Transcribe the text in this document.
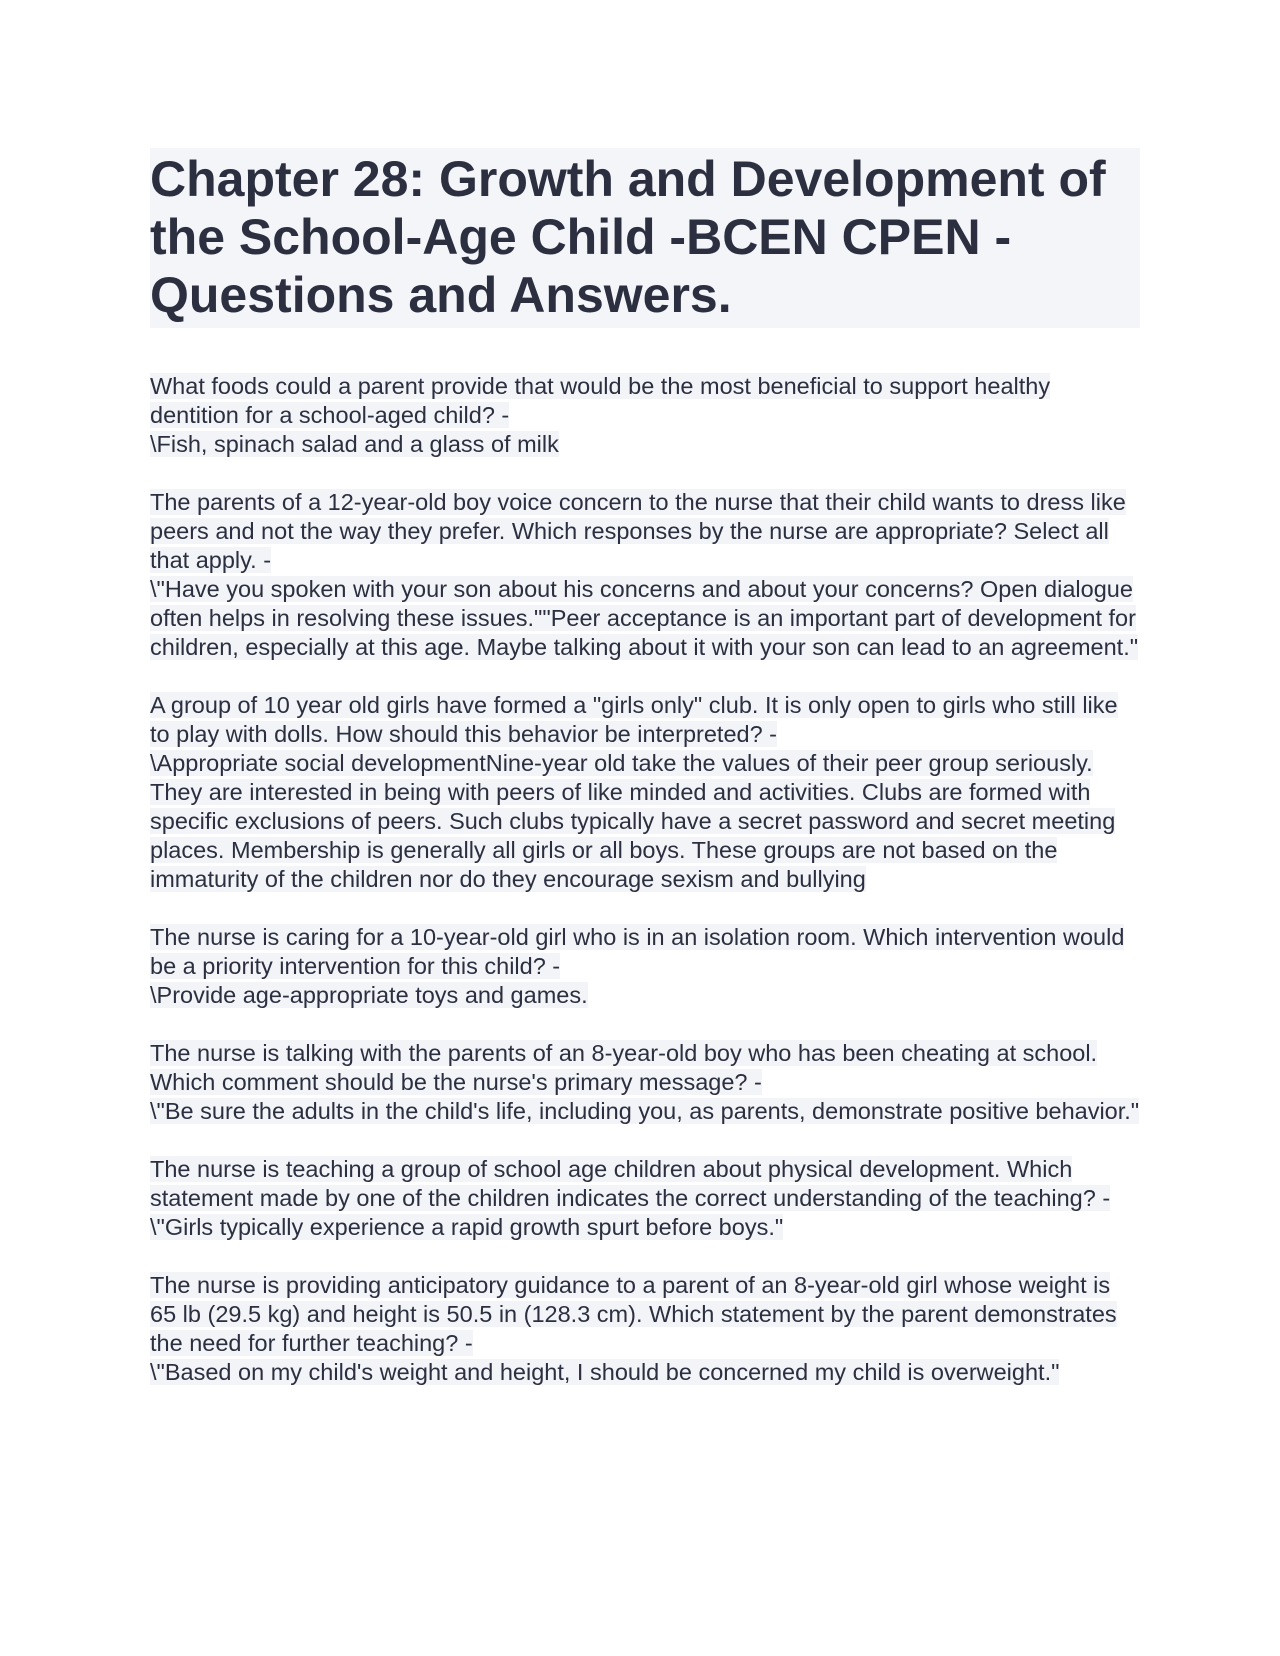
Chapter 28: Growth and Development of the School-Age Child -BCEN CPEN - Questions and Answers.
What foods could a parent provide that would be the most beneficial to support healthy dentition for a school-aged child? -
\Fish, spinach salad and a glass of milk
The parents of a 12-year-old boy voice concern to the nurse that their child wants to dress like peers and not the way they prefer. Which responses by the nurse are appropriate? Select all that apply. -
\"Have you spoken with your son about his concerns and about your concerns? Open dialogue often helps in resolving these issues.""Peer acceptance is an important part of development for children, especially at this age. Maybe talking about it with your son can lead to an agreement."
A group of 10 year old girls have formed a "girls only" club. It is only open to girls who still like to play with dolls. How should this behavior be interpreted? -
\Appropriate social developmentNine-year old take the values of their peer group seriously. They are interested in being with peers of like minded and activities. Clubs are formed with specific exclusions of peers. Such clubs typically have a secret password and secret meeting places. Membership is generally all girls or all boys. These groups are not based on the immaturity of the children nor do they encourage sexism and bullying
The nurse is caring for a 10-year-old girl who is in an isolation room. Which intervention would be a priority intervention for this child? -
\Provide age-appropriate toys and games.
The nurse is talking with the parents of an 8-year-old boy who has been cheating at school. Which comment should be the nurse's primary message? -
\"Be sure the adults in the child's life, including you, as parents, demonstrate positive behavior."
The nurse is teaching a group of school age children about physical development. Which statement made by one of the children indicates the correct understanding of the teaching? -
\"Girls typically experience a rapid growth spurt before boys."
The nurse is providing anticipatory guidance to a parent of an 8-year-old girl whose weight is 65 lb (29.5 kg) and height is 50.5 in (128.3 cm). Which statement by the parent demonstrates the need for further teaching? -
\"Based on my child's weight and height, I should be concerned my child is overweight."
